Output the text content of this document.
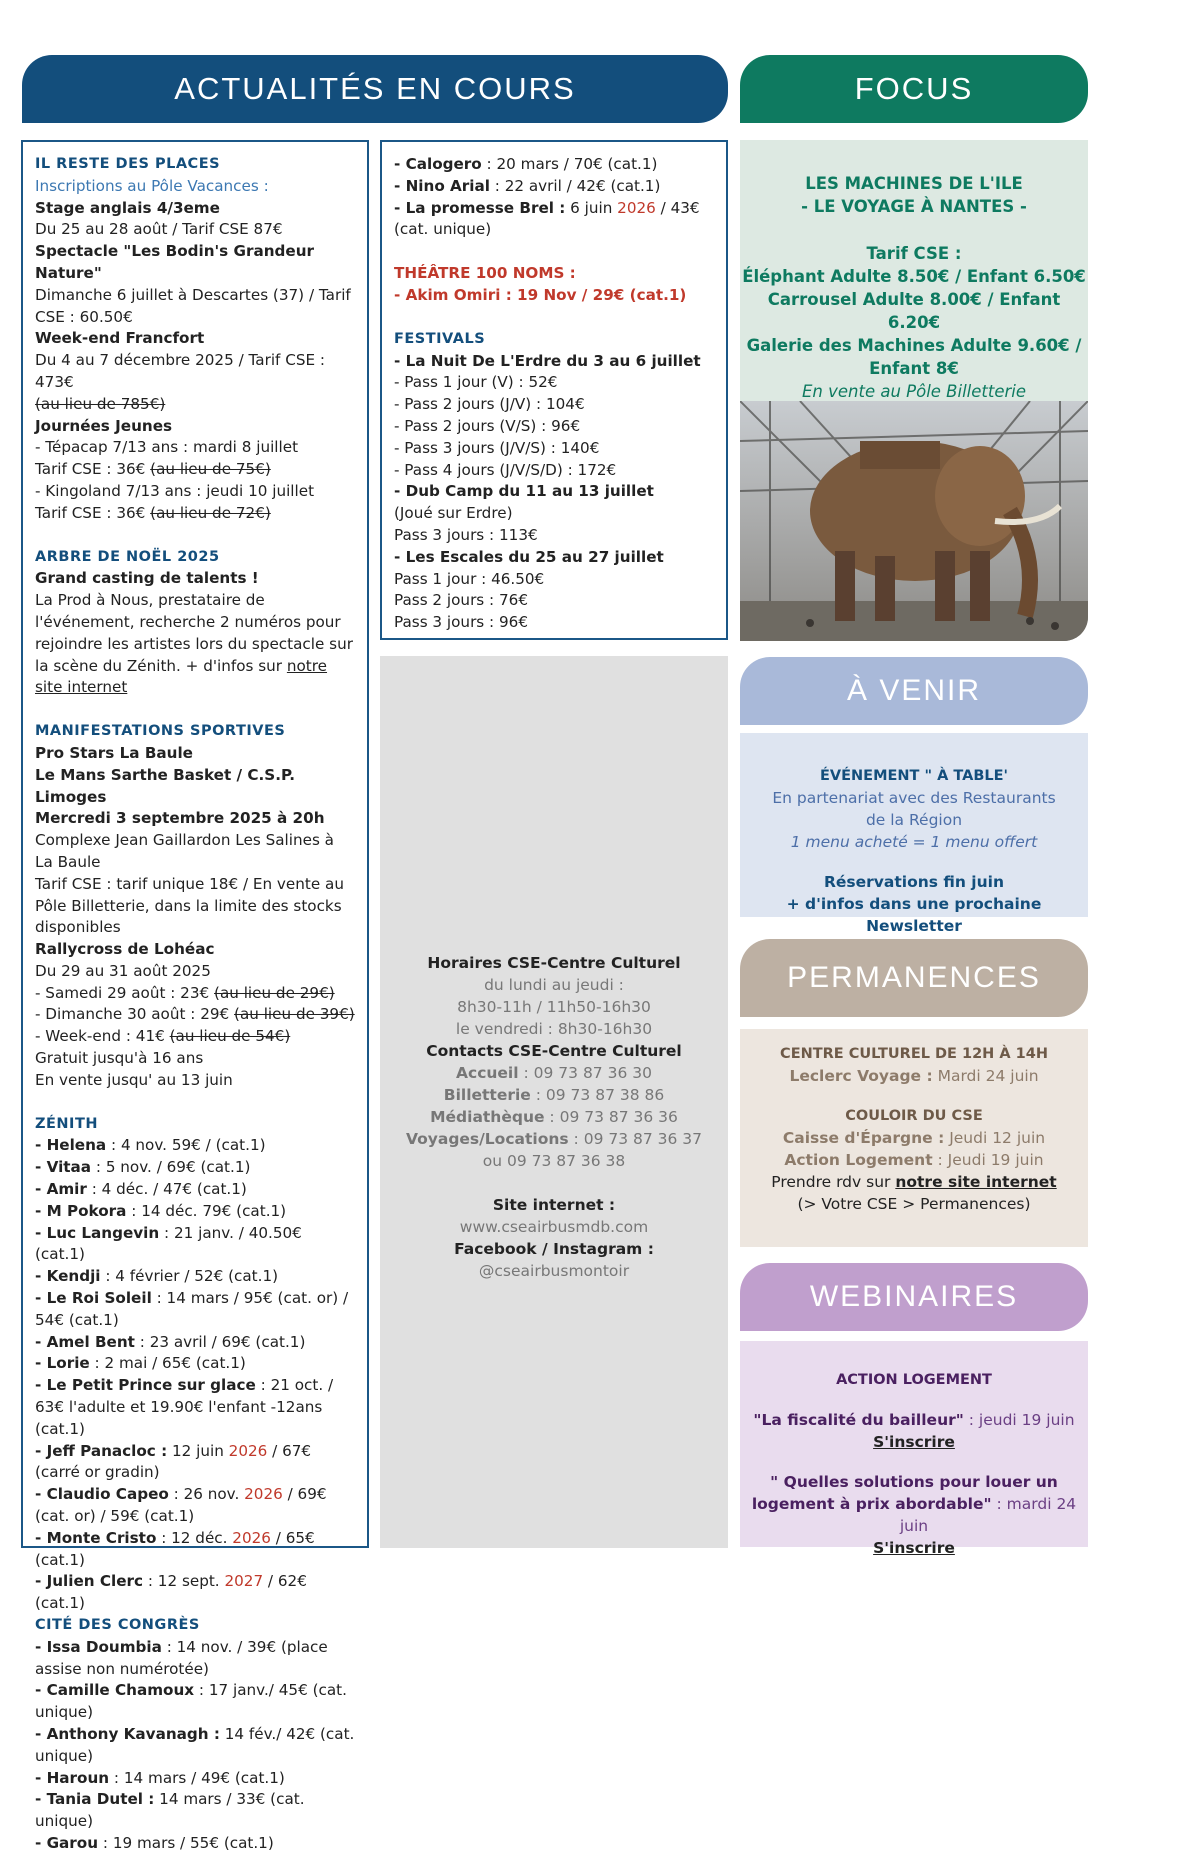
ACTUALITÉS EN COURS	FOCUS
IL RESTE DES PLACES
Inscriptions au Pôle Vacances :
Stage anglais 4/3eme
Du 25 au 28 août / Tarif CSE 87€
Spectacle "Les Bodin's Grandeur Nature"
Dimanche 6 juillet à Descartes (37) / Tarif CSE : 60.50€
Week-end Francfort
Du 4 au 7 décembre 2025 / Tarif CSE : 473€
(au lieu de 785€)
Journées Jeunes
- Tépacap 7/13 ans : mardi 8 juillet
Tarif CSE : 36€ (au lieu de 75€)
- Kingoland 7/13 ans : jeudi 10 juillet
Tarif CSE : 36€ (au lieu de 72€)
ARBRE DE NOËL 2025
Grand casting de talents !
La Prod à Nous, prestataire de l'événement, recherche 2 numéros pour rejoindre les artistes lors du spectacle sur la scène du Zénith. + d'infos sur notre site internet
MANIFESTATIONS SPORTIVES
Pro Stars La Baule
Le Mans Sarthe Basket / C.S.P. Limoges
Mercredi 3 septembre 2025 à 20h
Complexe Jean Gaillardon Les Salines à La Baule
Tarif CSE : tarif unique 18€ / En vente au Pôle Billetterie, dans la limite des stocks disponibles
Rallycross de Lohéac
Du 29 au 31 août 2025
- Samedi 29 août : 23€ (au lieu de 29€)
- Dimanche 30 août : 29€ (au lieu de 39€)
- Week-end : 41€ (au lieu de 54€)
Gratuit jusqu'à 16 ans
En vente jusqu' au 13 juin
ZÉNITH
- Helena : 4 nov. 59€ / (cat.1)
- Vitaa : 5 nov. / 69€ (cat.1)
- Amir : 4 déc. / 47€ (cat.1)
- M Pokora : 14 déc. 79€ (cat.1)
- Luc Langevin : 21 janv. / 40.50€ (cat.1)
- Kendji : 4 février / 52€ (cat.1)
- Le Roi Soleil : 14 mars / 95€ (cat. or) / 54€ (cat.1)
- Amel Bent : 23 avril / 69€ (cat.1)
- Lorie : 2 mai / 65€ (cat.1)
- Le Petit Prince sur glace : 21 oct. / 63€ l'adulte et 19.90€ l'enfant -12ans (cat.1)
- Jeff Panacloc : 12 juin 2026 / 67€ (carré or gradin)
- Claudio Capeo : 26 nov. 2026 / 69€ (cat. or) / 59€ (cat.1)
- Monte Cristo : 12 déc. 2026 / 65€ (cat.1)
- Julien Clerc : 12 sept. 2027 / 62€ (cat.1)
CITÉ DES CONGRÈS
- Issa Doumbia : 14 nov. / 39€ (place assise non numérotée)
- Camille Chamoux : 17 janv./ 45€ (cat. unique)
- Anthony Kavanagh : 14 fév./ 42€ (cat. unique)
- Haroun : 14 mars / 49€ (cat.1)
- Tania Dutel : 14 mars / 33€ (cat. unique)
- Garou : 19 mars / 55€ (cat.1)
- Calogero : 20 mars / 70€ (cat.1)
- Nino Arial : 22 avril / 42€ (cat.1)
- La promesse Brel : 6 juin 2026 / 43€ (cat. unique)
THÉÂTRE 100 NOMS :
- Akim Omiri : 19 Nov / 29€ (cat.1)
FESTIVALS
- La Nuit De L'Erdre du 3 au 6 juillet
- Pass 1 jour (V) : 52€
- Pass 2 jours (J/V) : 104€
- Pass 2 jours (V/S) : 96€
- Pass 3 jours (J/V/S) : 140€
- Pass 4 jours (J/V/S/D) : 172€
- Dub Camp du 11 au 13 juillet
(Joué sur Erdre)
Pass 3 jours : 113€
- Les Escales du 25 au 27 juillet
Pass 1 jour : 46.50€
Pass 2 jours : 76€
Pass 3 jours : 96€
Horaires CSE-Centre Culturel
du lundi au jeudi :
8h30-11h / 11h50-16h30
le vendredi : 8h30-16h30
Contacts CSE-Centre Culturel
Accueil : 09 73 87 36 30
Billetterie : 09 73 87 38 86
Médiathèque : 09 73 87 36 36
Voyages/Locations : 09 73 87 36 37
ou 09 73 87 36 38
Site internet :
www.cseairbusmdb.com
Facebook / Instagram :
@cseairbusmontoir
LES MACHINES DE L'ILE
- LE VOYAGE À NANTES -
Tarif CSE :
Éléphant Adulte 8.50€ / Enfant 6.50€
Carrousel Adulte 8.00€ / Enfant 6.20€
Galerie des Machines Adulte 9.60€ / Enfant 8€
En vente au Pôle Billetterie
À VENIR
ÉVÉNEMENT " À TABLE'
En partenariat avec des Restaurants
de la Région
1 menu acheté = 1 menu offert
Réservations fin juin
+ d'infos dans une prochaine Newsletter
PERMANENCES
CENTRE CULTUREL DE 12H À 14H
Leclerc Voyage : Mardi 24 juin
COULOIR DU CSE
Caisse d'Épargne : Jeudi 12 juin
Action Logement : Jeudi 19 juin
Prendre rdv sur notre site internet
(> Votre CSE > Permanences)
WEBINAIRES
ACTION LOGEMENT
"La fiscalité du bailleur" : jeudi 19 juin
S'inscrire
" Quelles solutions pour louer un logement à prix abordable" : mardi 24 juin
S'inscrire
